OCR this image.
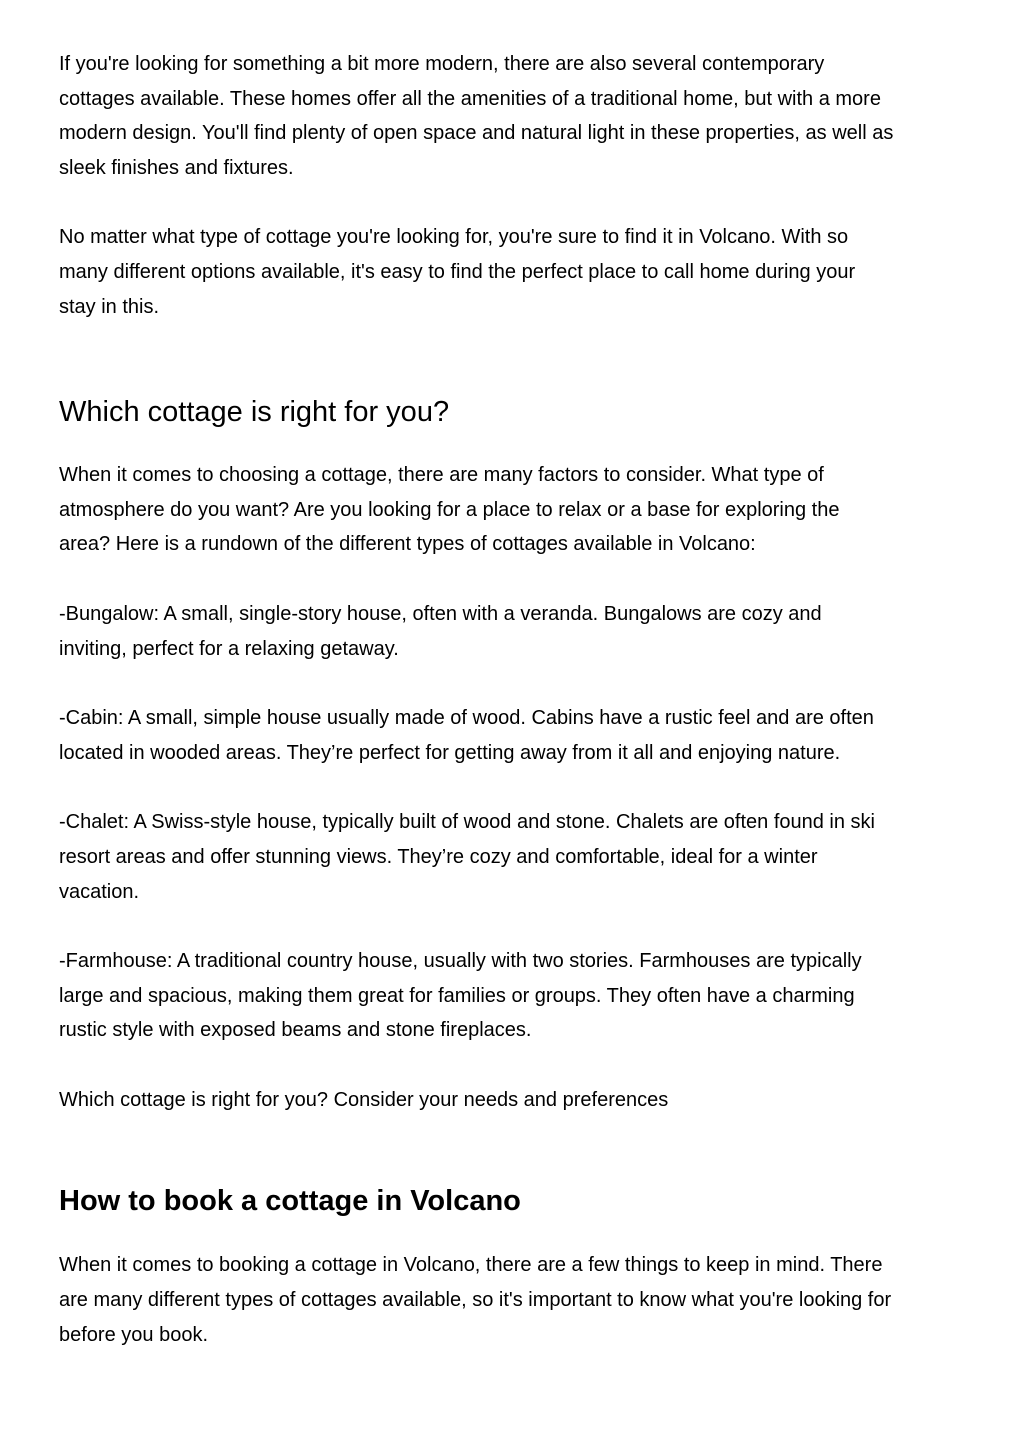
If you're looking for something a bit more modern, there are also several contemporary
cottages available. These homes offer all the amenities of a traditional home, but with a more
modern design. You'll find plenty of open space and natural light in these properties, as well as
sleek finishes and fixtures.

No matter what type of cottage you're looking for, you're sure to find it in Volcano. With so
many different options available, it's easy to find the perfect place to call home during your
stay in this.

Which cottage is right for you?

When it comes to choosing a cottage, there are many factors to consider. What type of
atmosphere do you want? Are you looking for a place to relax or a base for exploring the
area? Here is a rundown of the different types of cottages available in Volcano:

-Bungalow: A small, single-story house, often with a veranda. Bungalows are cozy and
inviting, perfect for a relaxing getaway.

-Cabin: A small, simple house usually made of wood. Cabins have a rustic feel and are often
located in wooded areas. They’re perfect for getting away from it all and enjoying nature.

-Chalet: A Swiss-style house, typically built of wood and stone. Chalets are often found in ski
resort areas and offer stunning views. They’re cozy and comfortable, ideal for a winter
vacation.

-Farmhouse: A traditional country house, usually with two stories. Farmhouses are typically
large and spacious, making them great for families or groups. They often have a charming
rustic style with exposed beams and stone fireplaces.

Which cottage is right for you? Consider your needs and preferences

How to book a cottage in Volcano

When it comes to booking a cottage in Volcano, there are a few things to keep in mind. There
are many different types of cottages available, so it's important to know what you're looking for
before you book.
